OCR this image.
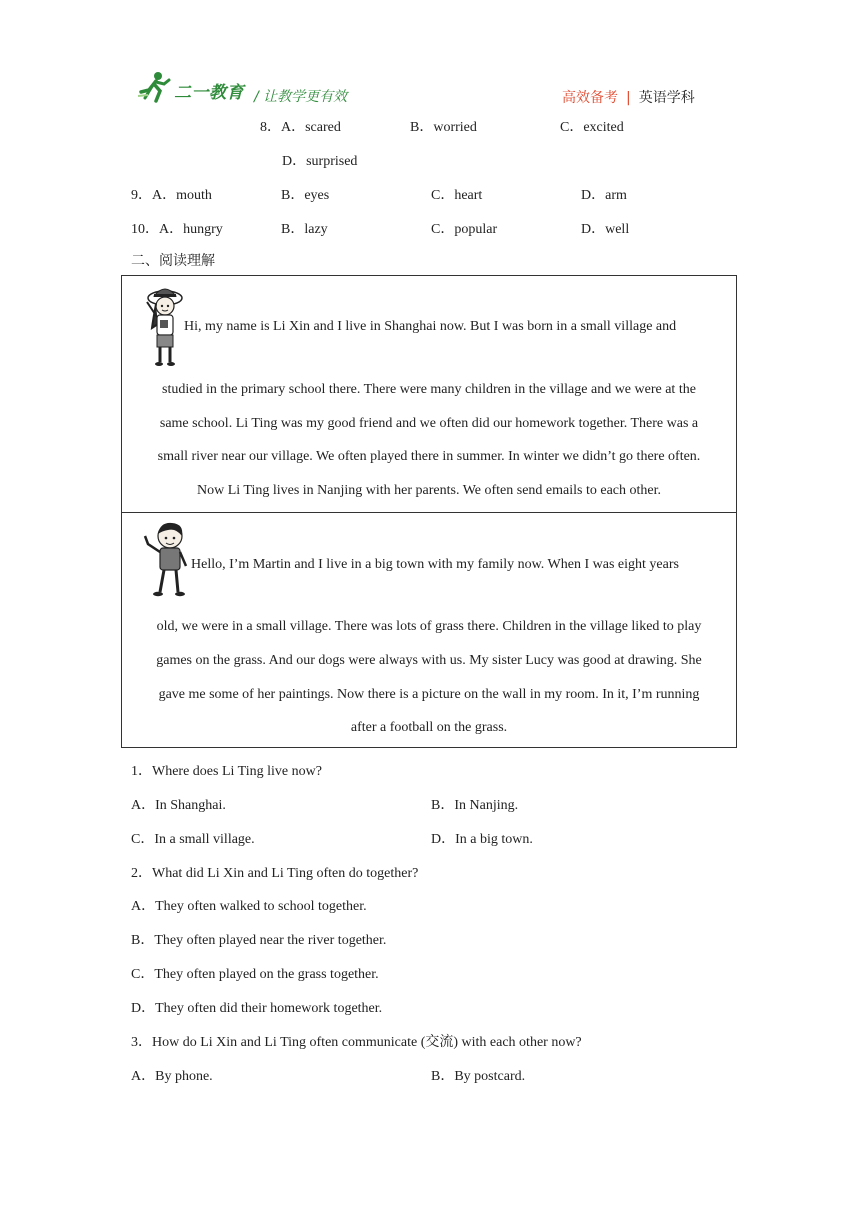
二一教育 / 让教学更有效	高效备考 | 英语学科
8．A．scared	B．worried	C．excited
D．surprised
9．A．mouth	B．eyes	C．heart	D．arm
10．A．hungry	B．lazy	C．popular	D．well
二、阅读理解
Hi, my name is Li Xin and I live in Shanghai now. But I was born in a small village and
studied in the primary school there. There were many children in the village and we were at the
same school. Li Ting was my good friend and we often did our homework together. There was a
small river near our village. We often played there in summer. In winter we didn’t go there often.
Now Li Ting lives in Nanjing with her parents. We often send emails to each other.
Hello, I’m Martin and I live in a big town with my family now. When I was eight years
old, we were in a small village. There was lots of grass there. Children in the village liked to play
games on the grass. And our dogs were always with us. My sister Lucy was good at drawing. She
gave me some of her paintings. Now there is a picture on the wall in my room. In it, I’m running
after a football on the grass.
1．Where does Li Ting live now?
A．In Shanghai.	B．In Nanjing.
C．In a small village.	D．In a big town.
2．What did Li Xin and Li Ting often do together?
A．They often walked to school together.
B．They often played near the river together.
C．They often played on the grass together.
D．They often did their homework together.
3．How do Li Xin and Li Ting often communicate (交流) with each other now?
A．By phone.	B．By postcard.
